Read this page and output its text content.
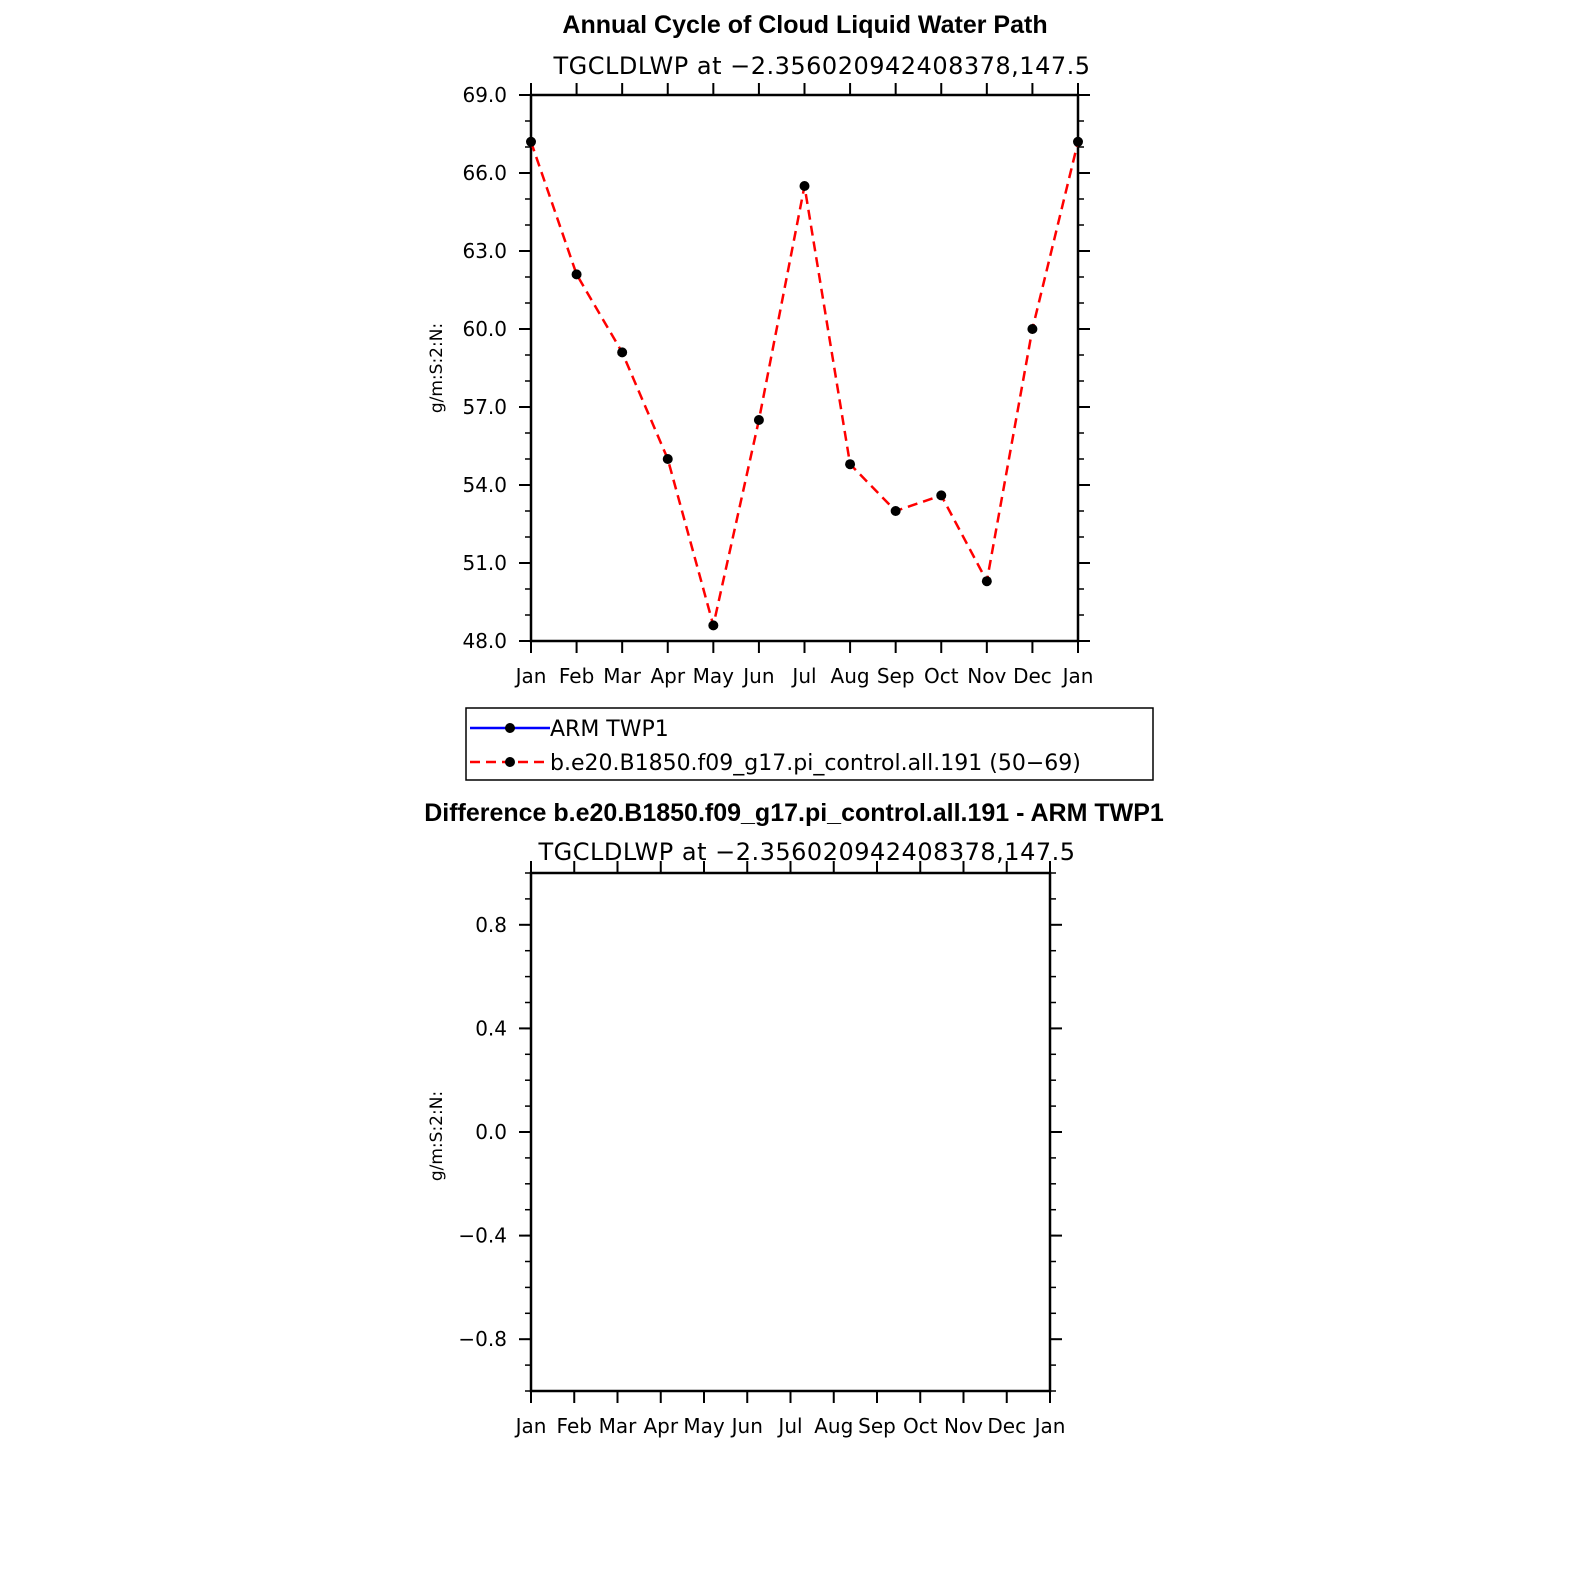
Annual Cycle of Cloud Liquid Water Path
TGCLDLWP at −2.356020942408378,147.5
g/m:S:2:N:
Jan Feb Mar Apr May Jun Jul Aug Sep Oct Nov Dec Jan
48.0
51.0
54.0
57.0
60.0
63.0
66.0
69.0
ARM TWP1
b.e20.B1850.f09_g17.pi_control.all.191 (50−69)
Difference b.e20.B1850.f09_g17.pi_control.all.191 - ARM TWP1
TGCLDLWP at −2.356020942408378,147.5
g/m:S:2:N:
Jan Feb Mar Apr May Jun Jul Aug Sep Oct Nov Dec Jan
−0.8
−0.4
0.0
0.4
0.8
